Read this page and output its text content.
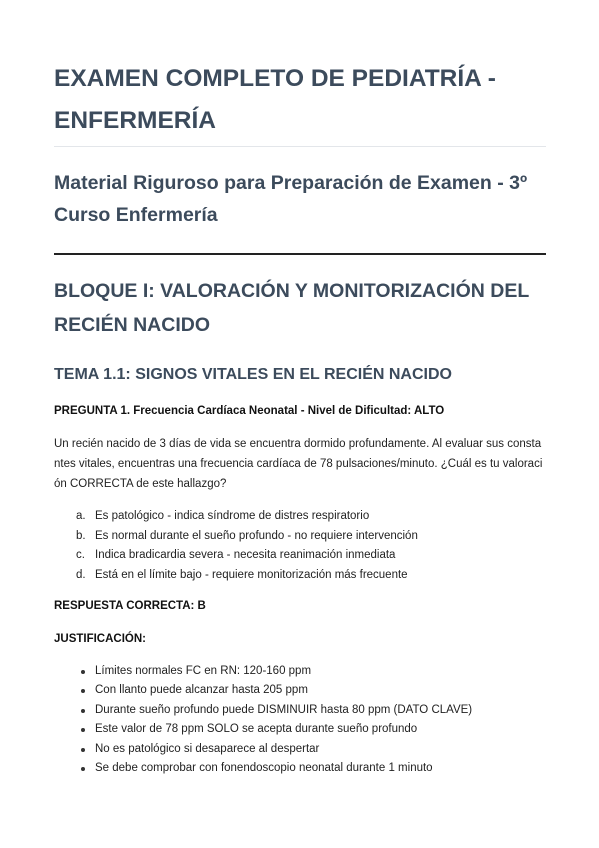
EXAMEN COMPLETO DE PEDIATRÍA - ENFERMERÍA
Material Riguroso para Preparación de Examen - 3º Curso Enfermería
BLOQUE I: VALORACIÓN Y MONITORIZACIÓN DEL RECIÉN NACIDO
TEMA 1.1: SIGNOS VITALES EN EL RECIÉN NACIDO
PREGUNTA 1. Frecuencia Cardíaca Neonatal - Nivel de Dificultad: ALTO
Un recién nacido de 3 días de vida se encuentra dormido profundamente. Al evaluar sus constantes vitales, encuentras una frecuencia cardíaca de 78 pulsaciones/minuto. ¿Cuál es tu valoración CORRECTA de este hallazgo?
a. Es patológico - indica síndrome de distres respiratorio
b. Es normal durante el sueño profundo - no requiere intervención
c. Indica bradicardia severa - necesita reanimación inmediata
d. Está en el límite bajo - requiere monitorización más frecuente
RESPUESTA CORRECTA: B
JUSTIFICACIÓN:
Límites normales FC en RN: 120-160 ppm
Con llanto puede alcanzar hasta 205 ppm
Durante sueño profundo puede DISMINUIR hasta 80 ppm (DATO CLAVE)
Este valor de 78 ppm SOLO se acepta durante sueño profundo
No es patológico si desaparece al despertar
Se debe comprobar con fonendoscopio neonatal durante 1 minuto
